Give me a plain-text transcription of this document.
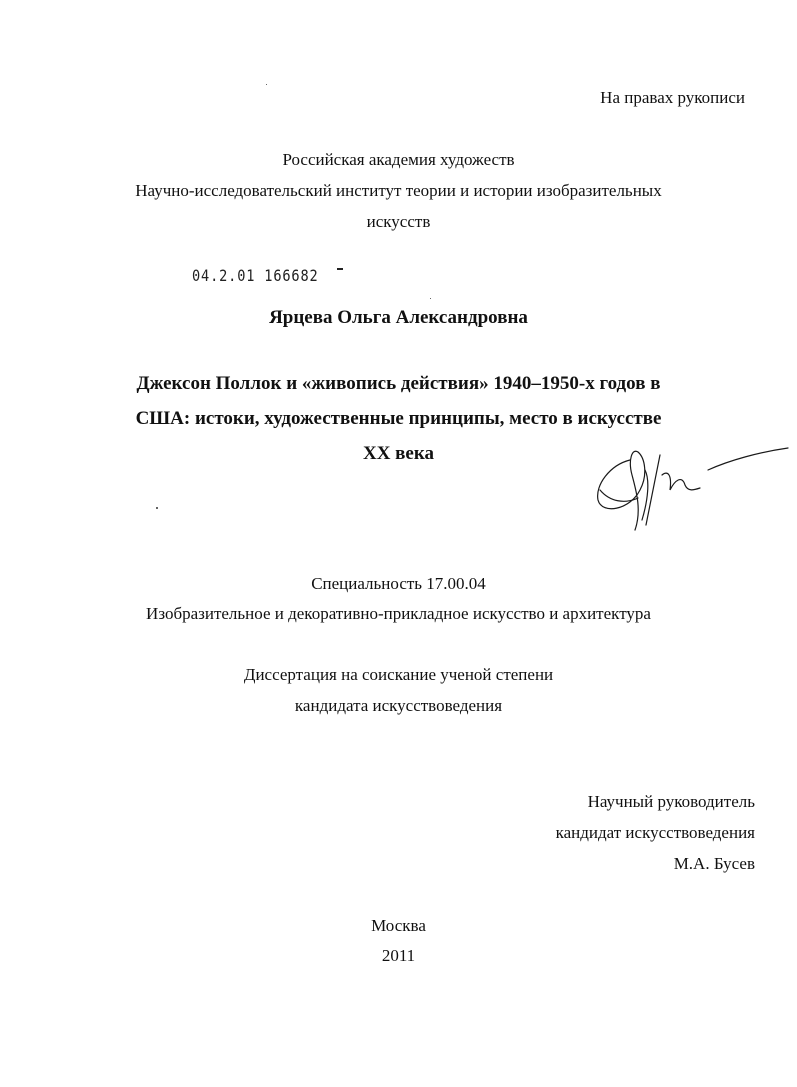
На правах рукописи
Российская академия художеств
Научно-исследовательский институт теории и истории изобразительных
искусств
04.2.01 166682
Ярцева Ольга Александровна
Джексон Поллок и «живопись действия» 1940–1950-х годов в
США: истоки, художественные принципы, место в искусстве
XX века
Специальность 17.00.04
Изобразительное и декоративно-прикладное искусство и архитектура
Диссертация на соискание ученой степени
кандидата искусствоведения
Научный руководитель
кандидат искусствоведения
М.А. Бусев
Москва
2011
